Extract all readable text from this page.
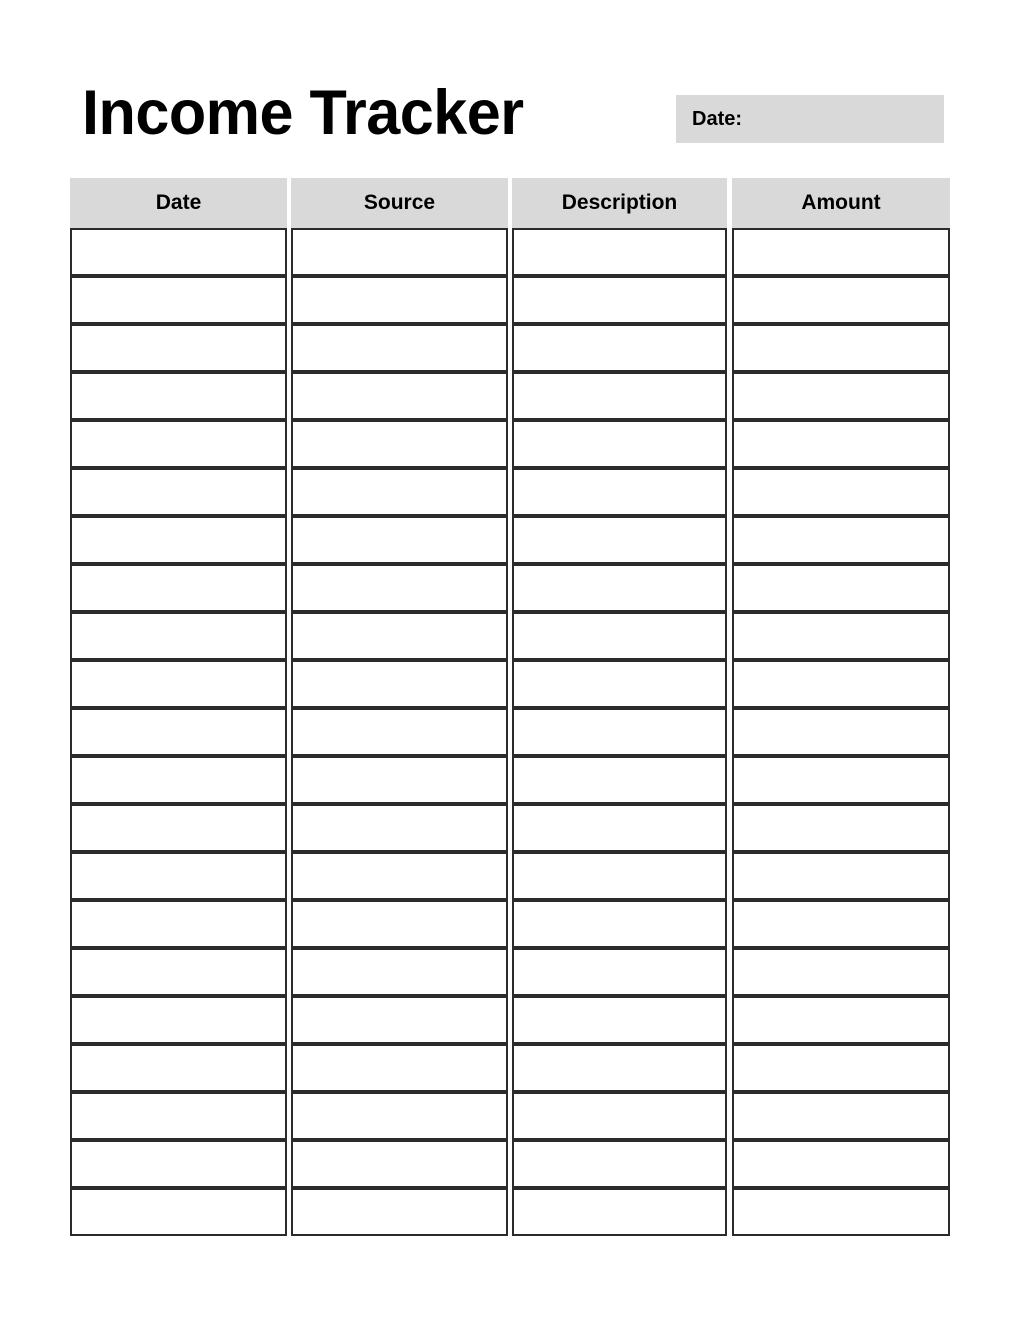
Income Tracker	Date:
Date	Source	Description	Amount
